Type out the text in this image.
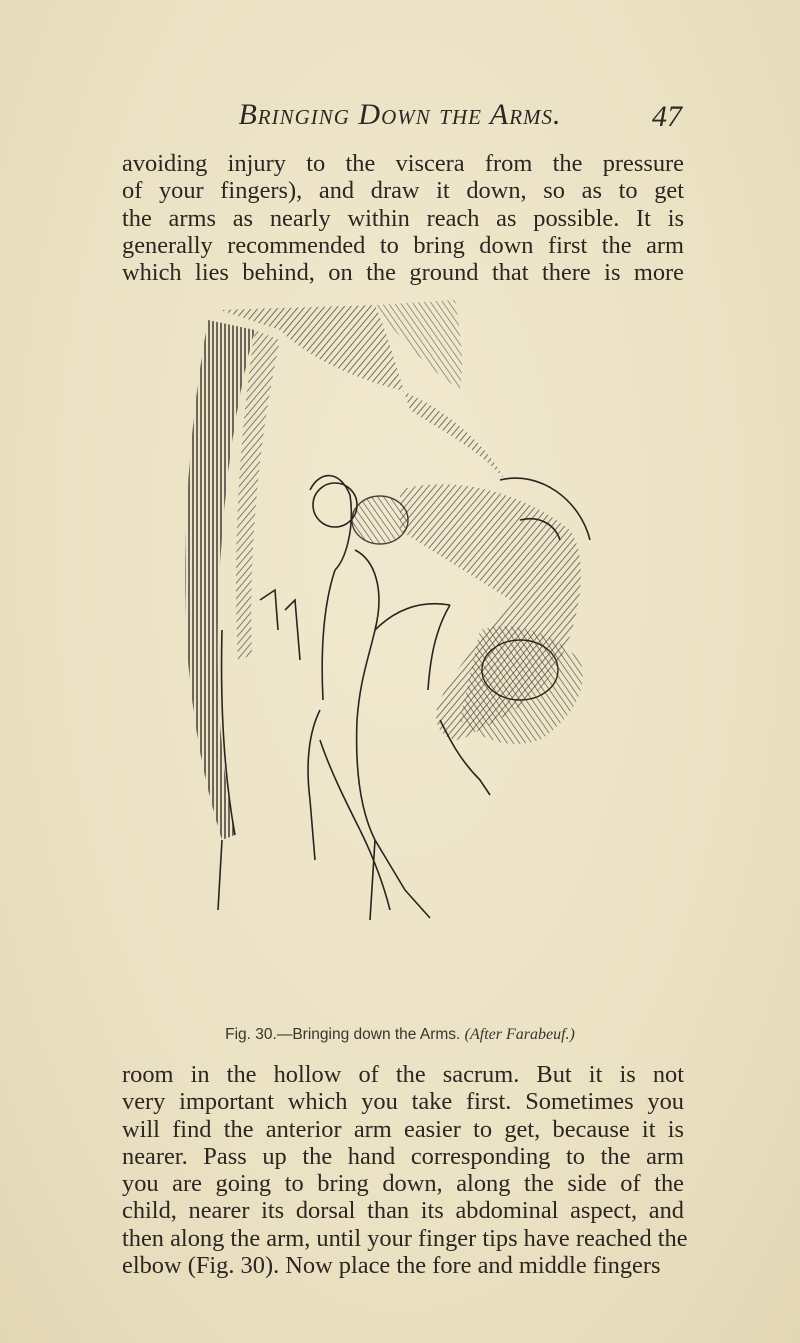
Bringing Down the Arms.	47
avoiding injury to the viscera from the pressure
of your fingers), and draw it down, so as to get
the arms as nearly within reach as possible. It is
generally recommended to bring down first the arm
which lies behind, on the ground that there is more
Fig. 30.—Bringing down the Arms. (After Farabeuf.)
room in the hollow of the sacrum. But it is not
very important which you take first. Sometimes you
will find the anterior arm easier to get, because it is
nearer. Pass up the hand corresponding to the arm
you are going to bring down, along the side of the
child, nearer its dorsal than its abdominal aspect, and
then along the arm, until your finger tips have reached the
elbow (Fig. 30). Now place the fore and middle fingers
